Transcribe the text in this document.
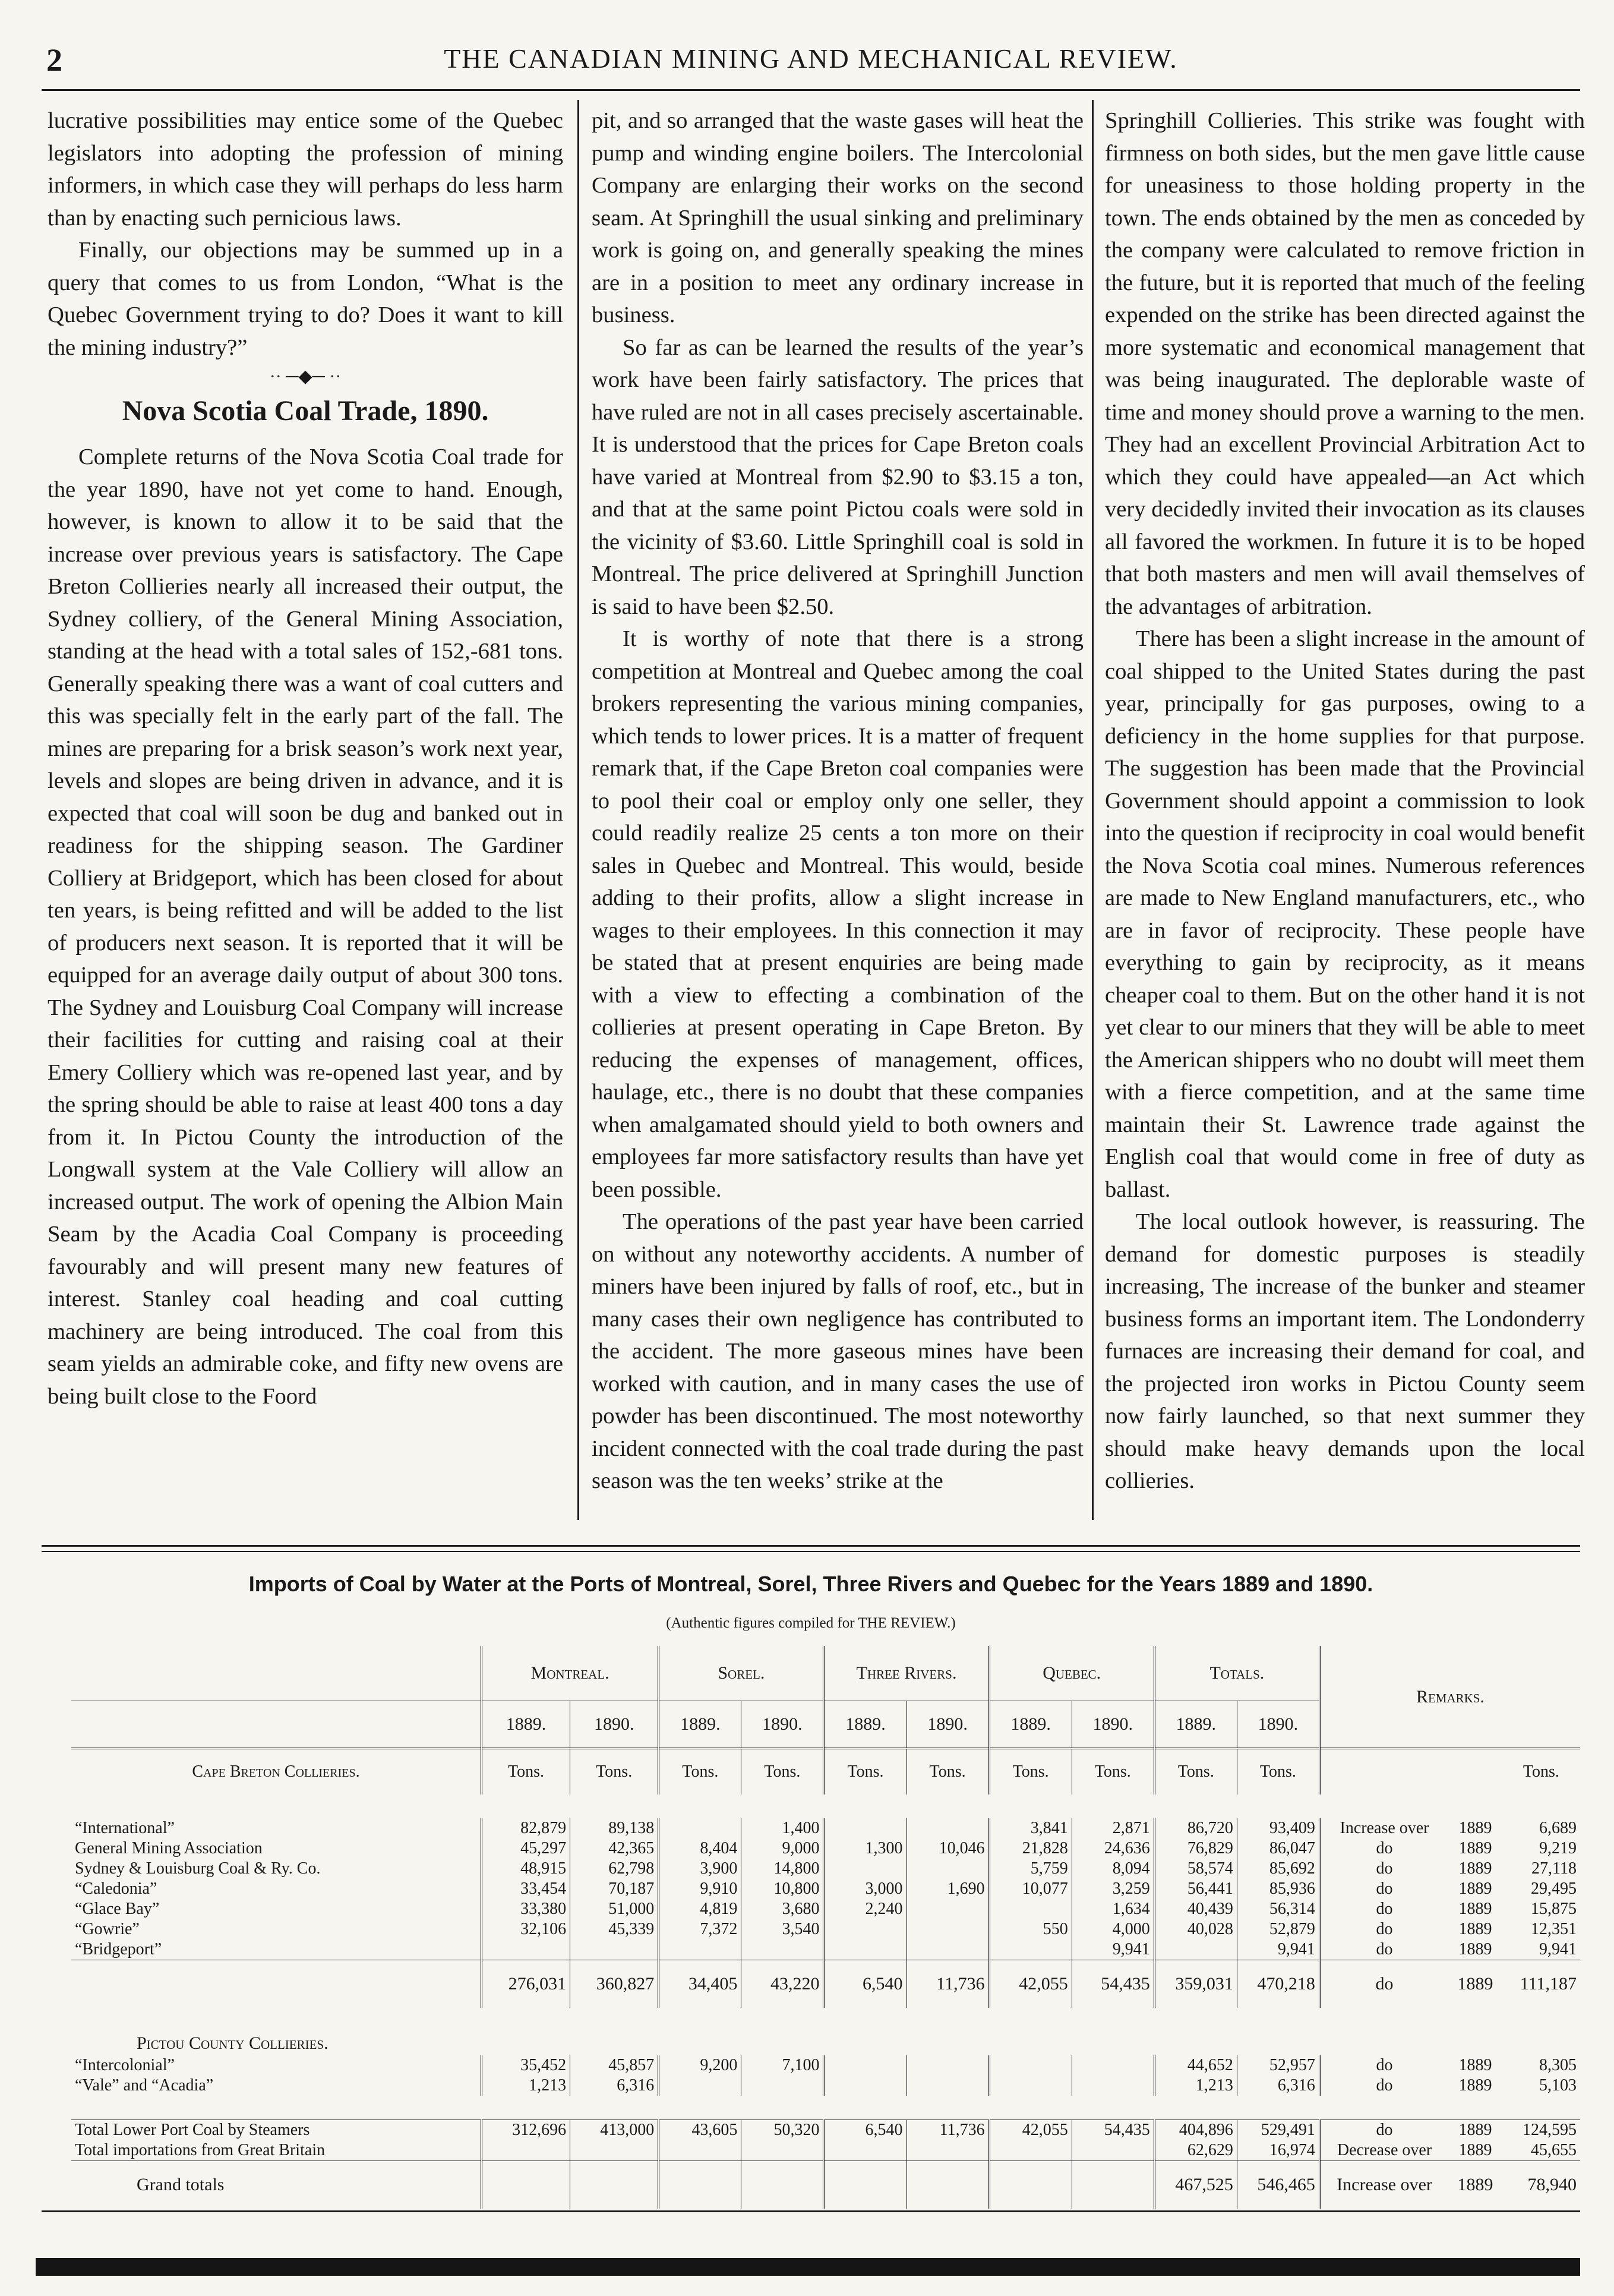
2	THE CANADIAN MINING AND MECHANICAL REVIEW.

lucrative possibilities may entice some of the Quebec legislators into adopting the profession of mining informers, in which case they will perhaps do less harm than by enacting such pernicious laws.

Finally, our objections may be summed up in a query that comes to us from London, “What is the Quebec Government trying to do? Does it want to kill the mining industry?”

·· ─◆─ ··
Nova Scotia Coal Trade, 1890.

Complete returns of the Nova Scotia Coal trade for the year 1890, have not yet come to hand. Enough, however, is known to allow it to be said that the increase over previous years is satisfactory. The Cape Breton Collieries nearly all increased their output, the Sydney colliery, of the General Mining Association, standing at the head with a total sales of 152,-681 tons. Generally speaking there was a want of coal cutters and this was specially felt in the early part of the fall. The mines are preparing for a brisk season’s work next year, levels and slopes are being driven in advance, and it is expected that coal will soon be dug and banked out in readiness for the shipping season. The Gardiner Colliery at Bridgeport, which has been closed for about ten years, is being refitted and will be added to the list of producers next season. It is reported that it will be equipped for an average daily output of about 300 tons. The Sydney and Louisburg Coal Company will increase their facilities for cutting and raising coal at their Emery Colliery which was re-opened last year, and by the spring should be able to raise at least 400 tons a day from it. In Pictou County the introduction of the Longwall system at the Vale Colliery will allow an increased output. The work of opening the Albion Main Seam by the Acadia Coal Company is proceeding favourably and will present many new features of interest. Stanley coal heading and coal cutting machinery are being introduced. The coal from this seam yields an admirable coke, and fifty new ovens are being built close to the Foord

pit, and so arranged that the waste gases will heat the pump and winding engine boilers. The Intercolonial Company are enlarging their works on the second seam. At Springhill the usual sinking and preliminary work is going on, and generally speaking the mines are in a position to meet any ordinary increase in business.

So far as can be learned the results of the year’s work have been fairly satisfactory. The prices that have ruled are not in all cases precisely ascertainable. It is understood that the prices for Cape Breton coals have varied at Montreal from $2.90 to $3.15 a ton, and that at the same point Pictou coals were sold in the vicinity of $3.60. Little Springhill coal is sold in Montreal. The price delivered at Springhill Junction is said to have been $2.50.

It is worthy of note that there is a strong competition at Montreal and Quebec among the coal brokers representing the various mining companies, which tends to lower prices. It is a matter of frequent remark that, if the Cape Breton coal companies were to pool their coal or employ only one seller, they could readily realize 25 cents a ton more on their sales in Quebec and Montreal. This would, beside adding to their profits, allow a slight increase in wages to their employees. In this connection it may be stated that at present enquiries are being made with a view to effecting a combination of the collieries at present operating in Cape Breton. By reducing the expenses of management, offices, haulage, etc., there is no doubt that these companies when amalgamated should yield to both owners and employees far more satisfactory results than have yet been possible.

The operations of the past year have been carried on without any noteworthy accidents. A number of miners have been injured by falls of roof, etc., but in many cases their own negligence has contributed to the accident. The more gaseous mines have been worked with caution, and in many cases the use of powder has been discontinued. The most noteworthy incident connected with the coal trade during the past season was the ten weeks’ strike at the

Springhill Collieries. This strike was fought with firmness on both sides, but the men gave little cause for uneasiness to those holding property in the town. The ends obtained by the men as conceded by the company were calculated to remove friction in the future, but it is reported that much of the feeling expended on the strike has been directed against the more systematic and economical management that was being inaugurated. The deplorable waste of time and money should prove a warning to the men. They had an excellent Provincial Arbitration Act to which they could have appealed—an Act which very decidedly invited their invocation as its clauses all favored the workmen. In future it is to be hoped that both masters and men will avail themselves of the advantages of arbitration.

There has been a slight increase in the amount of coal shipped to the United States during the past year, principally for gas purposes, owing to a deficiency in the home supplies for that purpose. The suggestion has been made that the Provincial Government should appoint a commission to look into the question if reciprocity in coal would benefit the Nova Scotia coal mines. Numerous references are made to New England manufacturers, etc., who are in favor of reciprocity. These people have everything to gain by reciprocity, as it means cheaper coal to them. But on the other hand it is not yet clear to our miners that they will be able to meet the American shippers who no doubt will meet them with a fierce competition, and at the same time maintain their St. Lawrence trade against the English coal that would come in free of duty as ballast.

The local outlook however, is reassuring. The demand for domestic purposes is steadily increasing, The increase of the bunker and steamer business forms an important item. The Londonderry furnaces are increasing their demand for coal, and the projected iron works in Pictou County seem now fairly launched, so that next summer they should make heavy demands upon the local collieries.

Imports of Coal by Water at the Ports of Montreal, Sorel, Three Rivers and Quebec for the Years 1889 and 1890.
(Authentic figures compiled for THE REVIEW.)
	Montreal.		Sorel.		Three Rivers.		Quebec.		Totals.		Remarks.		
	1889.	1890.	1889.	1890.	1889.	1890.	1889.	1890.	1889.	1890.			
Cape Breton Collieries.	Tons.	Tons.	Tons.	Tons.	Tons.	Tons.	Tons.	Tons.	Tons.	Tons.			Tons.

“International”	82,879	89,138		1,400			3,841	2,871	86,720	93,409	Increase over	1889	6,689
General Mining Association	45,297	42,365	8,404	9,000	1,300	10,046	21,828	24,636	76,829	86,047	do	1889	9,219
Sydney & Louisburg Coal & Ry. Co.	48,915	62,798	3,900	14,800			5,759	8,094	58,574	85,692	do	1889	27,118
“Caledonia”	33,454	70,187	9,910	10,800	3,000	1,690	10,077	3,259	56,441	85,936	do	1889	29,495
“Glace Bay”	33,380	51,000	4,819	3,680	2,240			1,634	40,439	56,314	do	1889	15,875
“Gowrie”	32,106	45,339	7,372	3,540			550	4,000	40,028	52,879	do	1889	12,351
“Bridgeport”								9,941		9,941	do	1889	9,941
	276,031	360,827	34,405	43,220	6,540	11,736	42,055	54,435	359,031	470,218	do	1889	111,187

Pictou County Collieries.													
“Intercolonial”	35,452	45,857	9,200	7,100					44,652	52,957	do	1889	8,305
“Vale” and “Acadia”	1,213	6,316							1,213	6,316	do	1889	5,103

Total Lower Port Coal by Steamers	312,696	413,000	43,605	50,320	6,540	11,736	42,055	54,435	404,896	529,491	do	1889	124,595
Total importations from Great Britain									62,629	16,974	Decrease over	1889	45,655
Grand totals									467,525	546,465	Increase over	1889	78,940
